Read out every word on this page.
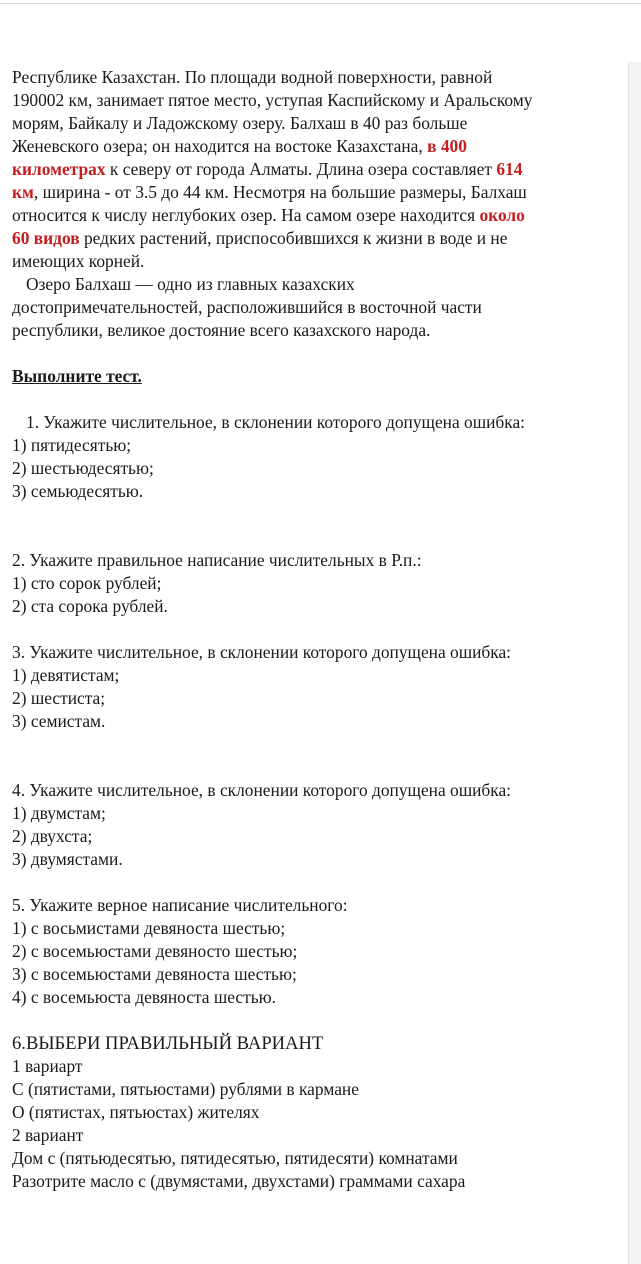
Республике Казахстан. По площади водной поверхности, равной

190002 км, занимает пятое место, уступая Каспийскому и Аральскому

морям, Байкалу и Ладожскому озеру. Балхаш в 40 раз больше

Женевского озера; он находится на востоке Казахстана, в 400

километрах к северу от города Алматы. Длина озера составляет 614

км, ширина - от 3.5 до 44 км. Несмотря на большие размеры, Балхаш

относится к числу неглубоких озер. На самом озере находится около

60 видов редких растений, приспособившихся к жизни в воде и не

имеющих корней.

Озеро Балхаш — одно из главных казахских

достопримечательностей, расположившийся в восточной части

республики, великое достояние всего казахского народа.

Выполните тест.

1. Укажите числительное, в склонении которого допущена ошибка:

1) пятидесятью;

2) шестьюдесятью;

3) семьюдесятью.

2. Укажите правильное написание числительных в Р.п.:

1) сто сорок рублей;

2) ста сорока рублей.

3. Укажите числительное, в склонении которого допущена ошибка:

1) девятистам;

2) шестиста;

3) семистам.

4. Укажите числительное, в склонении которого допущена ошибка:

1) двумстам;

2) двухста;

3) двумястами.

5. Укажите верное написание числительного:

1) с восьмистами девяноста шестью;

2) с восемьюстами девяносто шестью;

3) с восемьюстами девяноста шестью;

4) с восемьюста девяноста шестью.

6.ВЫБЕРИ ПРАВИЛЬНЫЙ ВАРИАНТ

1 вариарт

С (пятистами, пятьюстами) рублями в кармане

О (пятистах, пятьюстах) жителях

2 вариант

Дом с (пятьюдесятью, пятидесятью, пятидесяти) комнатами

Разотрите масло с (двумястами, двухстами) граммами сахара
